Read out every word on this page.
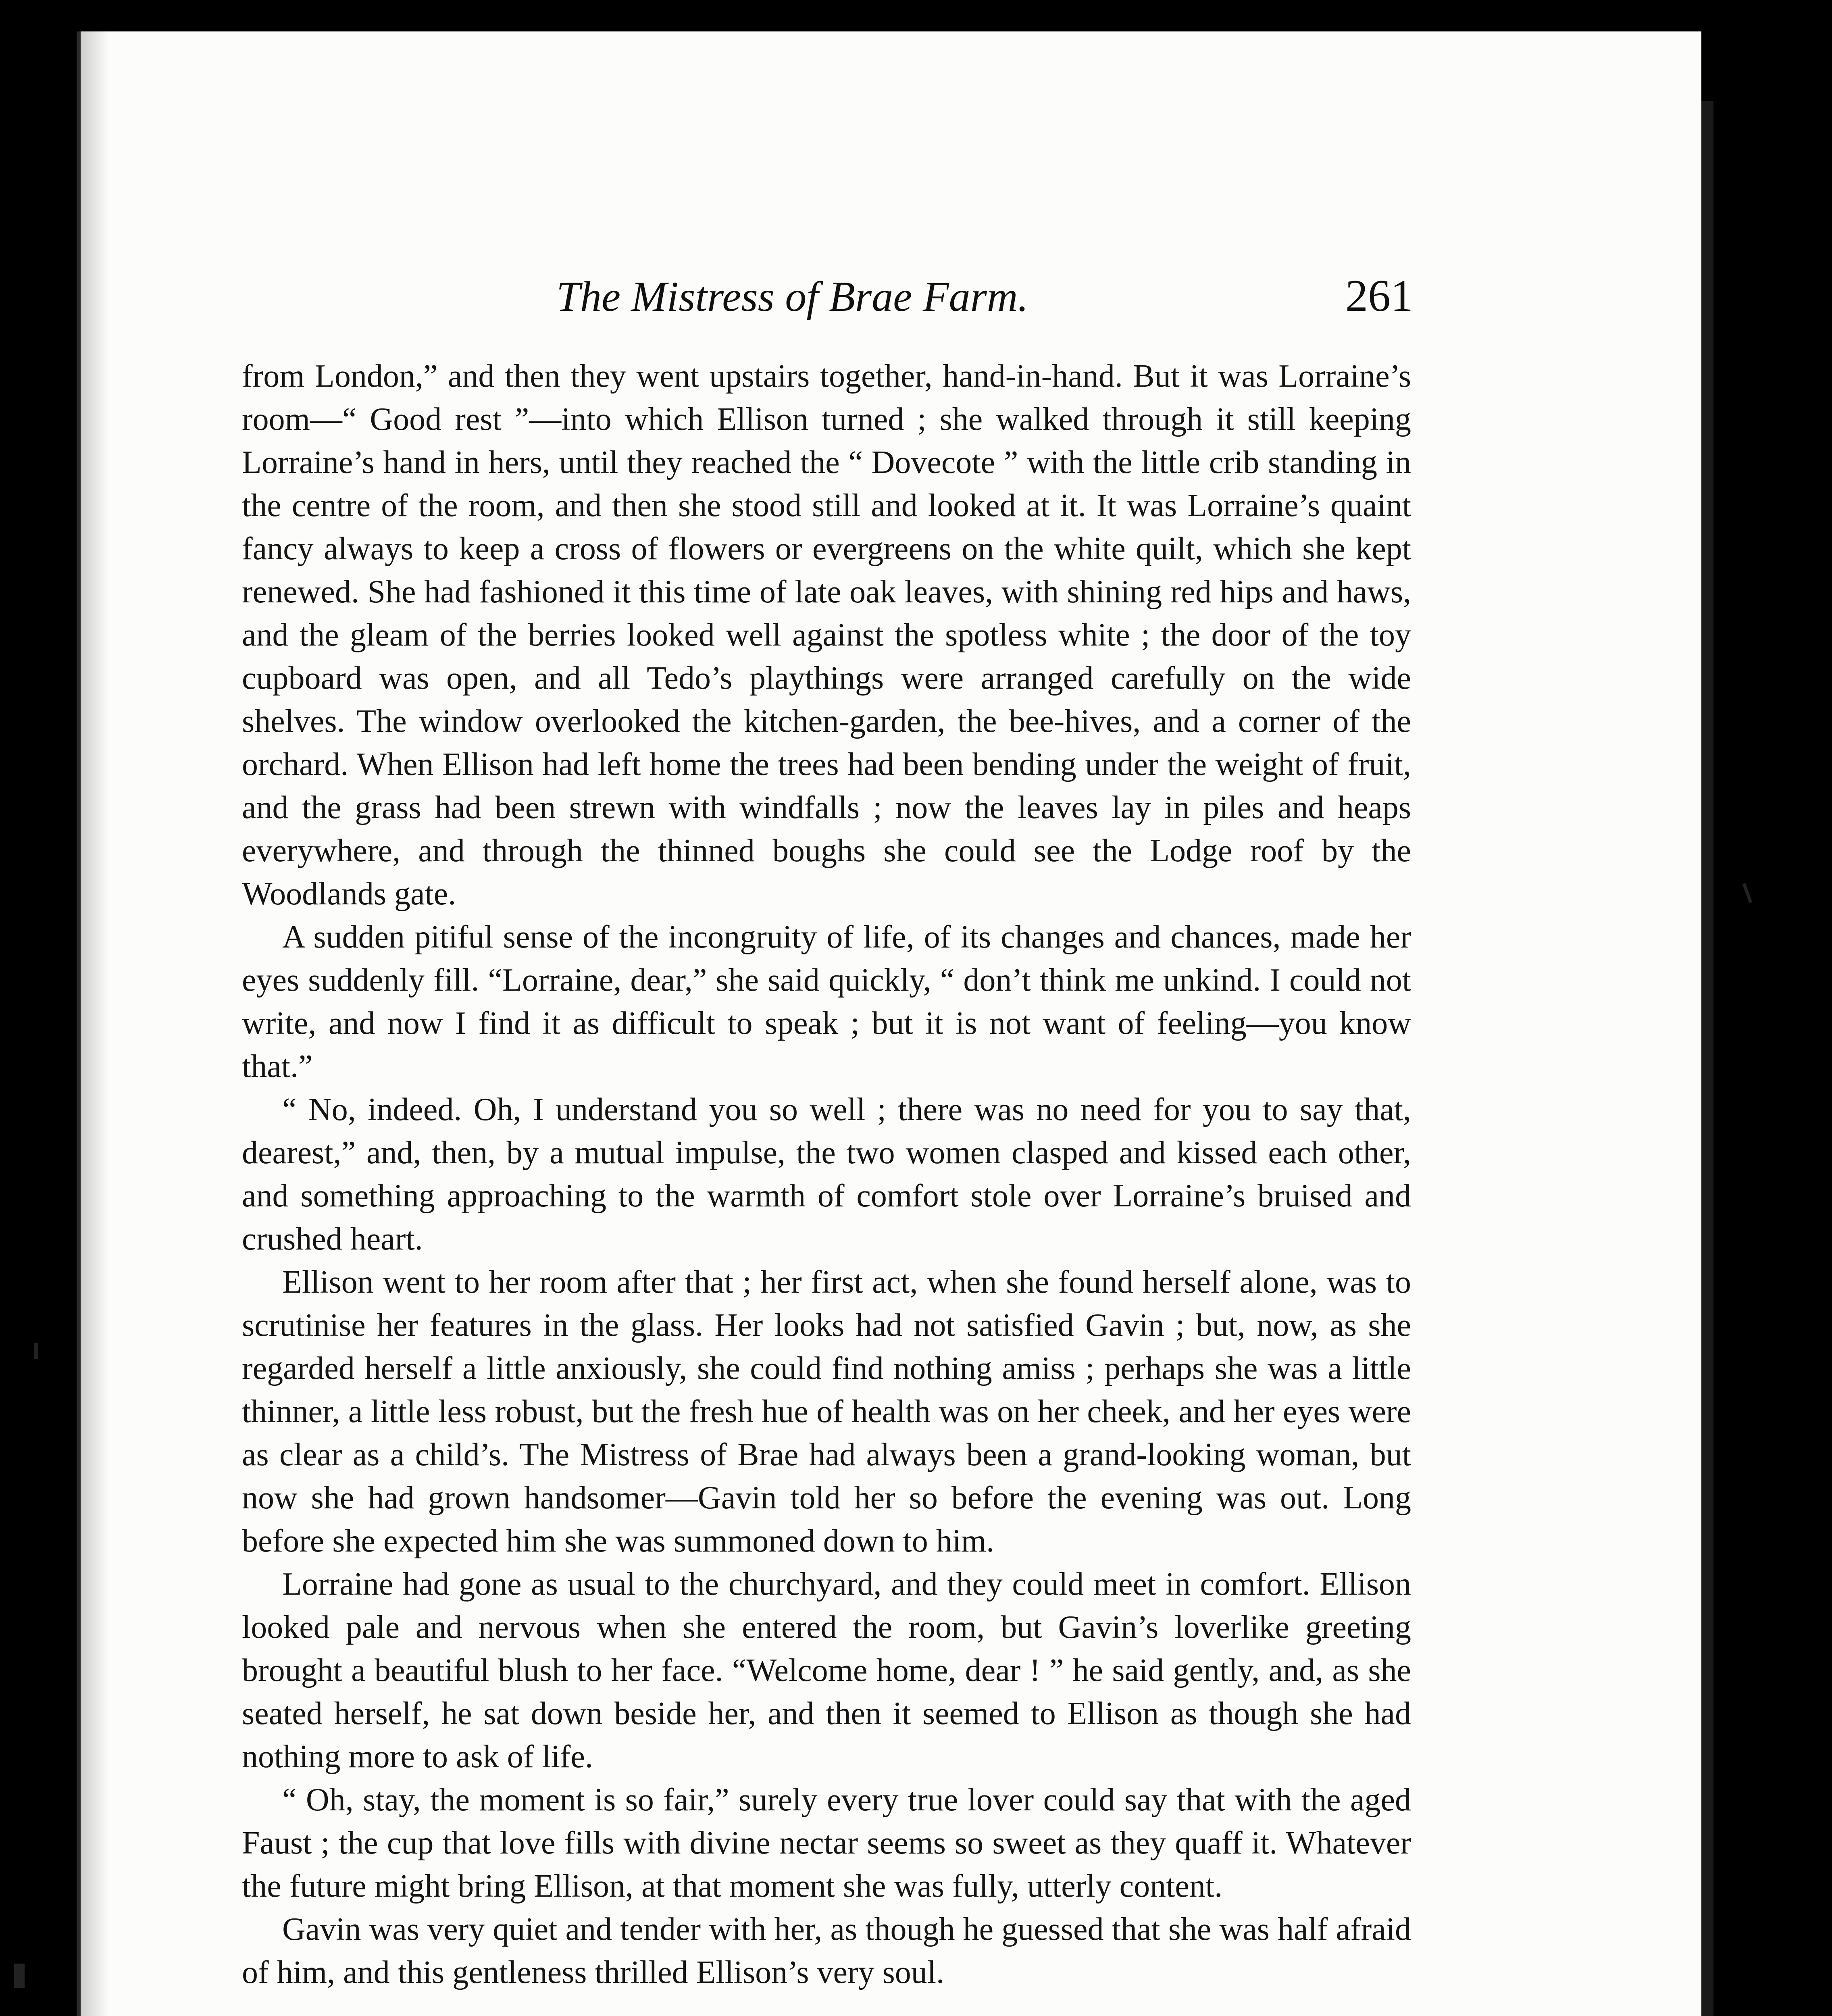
The Mistress of Brae Farm.	261

from London,” and then they went upstairs together, hand-in-hand. But it was Lorraine’s room—“ Good rest ”—into which Ellison turned ; she walked through it still keeping Lorraine’s hand in hers, until they reached the “ Dovecote ” with the little crib standing in the centre of the room, and then she stood still and looked at it. It was Lorraine’s quaint fancy always to keep a cross of flowers or evergreens on the white quilt, which she kept renewed. She had fashioned it this time of late oak leaves, with shining red hips and haws, and the gleam of the berries looked well against the spotless white ; the door of the toy cupboard was open, and all Tedo’s playthings were arranged carefully on the wide shelves. The window overlooked the kitchen-garden, the bee-hives, and a corner of the orchard. When Ellison had left home the trees had been bending under the weight of fruit, and the grass had been strewn with windfalls ; now the leaves lay in piles and heaps everywhere, and through the thinned boughs she could see the Lodge roof by the Woodlands gate.

A sudden pitiful sense of the incongruity of life, of its changes and chances, made her eyes suddenly fill. “Lorraine, dear,” she said quickly, “ don’t think me unkind. I could not write, and now I find it as difficult to speak ; but it is not want of feeling—you know that.”

“ No, indeed. Oh, I understand you so well ; there was no need for you to say that, dearest,” and, then, by a mutual impulse, the two women clasped and kissed each other, and something approaching to the warmth of comfort stole over Lorraine’s bruised and crushed heart.

Ellison went to her room after that ; her first act, when she found herself alone, was to scrutinise her features in the glass. Her looks had not satisfied Gavin ; but, now, as she regarded herself a little anxiously, she could find nothing amiss ; perhaps she was a little thinner, a little less robust, but the fresh hue of health was on her cheek, and her eyes were as clear as a child’s. The Mistress of Brae had always been a grand-looking woman, but now she had grown handsomer—Gavin told her so before the evening was out. Long before she expected him she was summoned down to him.

Lorraine had gone as usual to the churchyard, and they could meet in comfort. Ellison looked pale and nervous when she entered the room, but Gavin’s loverlike greeting brought a beautiful blush to her face. “Welcome home, dear ! ” he said gently, and, as she seated herself, he sat down beside her, and then it seemed to Ellison as though she had nothing more to ask of life.

“ Oh, stay, the moment is so fair,” surely every true lover could say that with the aged Faust ; the cup that love fills with divine nectar seems so sweet as they quaff it. Whatever the future might bring Ellison, at that moment she was fully, utterly content.

Gavin was very quiet and tender with her, as though he guessed that she was half afraid of him, and this gentleness thrilled Ellison’s very soul.
